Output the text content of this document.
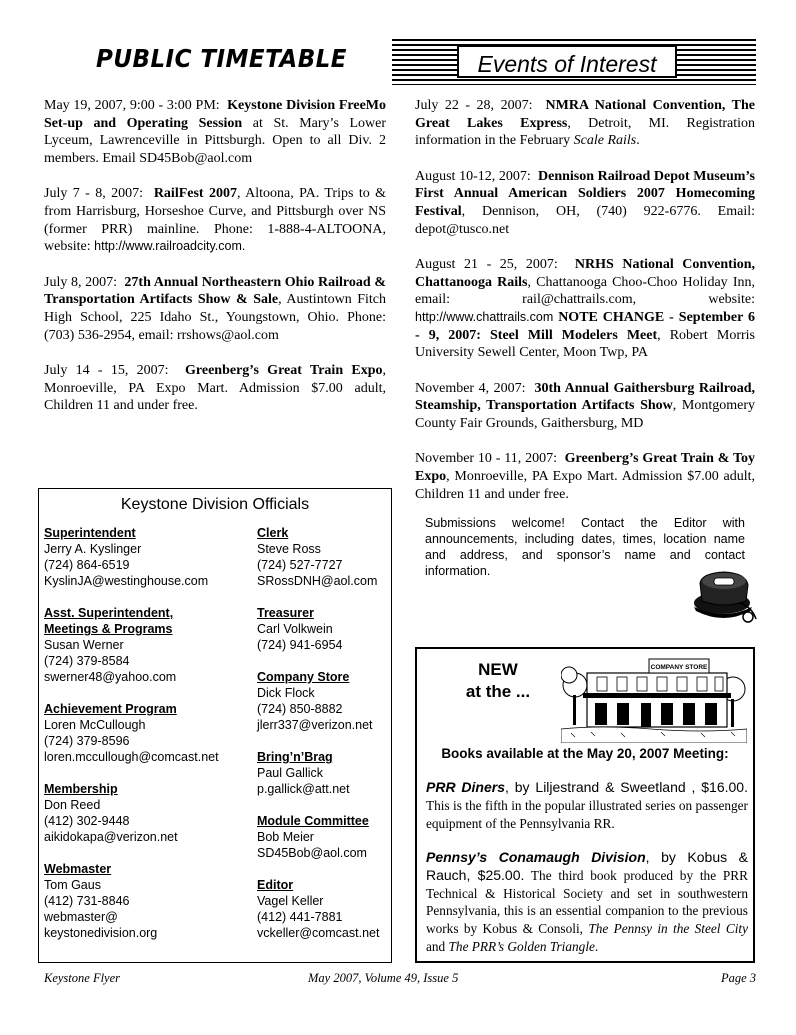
PUBLIC TIMETABLE	Events of Interest

May 19, 2007, 9:00 - 3:00 PM: Keystone Division FreeMo Set-up and Operating Session at St. Mary’s Lower Lyceum, Lawrenceville in Pittsburgh. Open to all Div. 2 members. Email SD45Bob@aol.com

July 7 - 8, 2007: RailFest 2007, Altoona, PA. Trips to & from Harrisburg, Horseshoe Curve, and Pittsburgh over NS (former PRR) mainline. Phone: 1-888-4-ALTOONA, website: http://www.railroadcity.com.

July 8, 2007: 27th Annual Northeastern Ohio Railroad & Transportation Artifacts Show & Sale, Austintown Fitch High School, 225 Idaho St., Youngstown, Ohio. Phone: (703) 536-2954, email: rrshows@aol.com

July 14 - 15, 2007: Greenberg’s Great Train Expo, Monroeville, PA Expo Mart. Admission $7.00 adult, Children 11 and under free.

July 22 - 28, 2007: NMRA National Convention, The Great Lakes Express, Detroit, MI. Registration information in the February Scale Rails.

August 10-12, 2007: Dennison Railroad Depot Museum’s First Annual American Soldiers 2007 Homecoming Festival, Dennison, OH, (740) 922-6776. Email: depot@tusco.net

August 21 - 25, 2007: NRHS National Convention, Chattanooga Rails, Chattanooga Choo-Choo Holiday Inn, email: rail@chattrails.com, website: http://www.chattrails.com NOTE CHANGE - September 6 - 9, 2007: Steel Mill Modelers Meet, Robert Morris University Sewell Center, Moon Twp, PA

November 4, 2007: 30th Annual Gaithersburg Railroad, Steamship, Transportation Artifacts Show, Montgomery County Fair Grounds, Gaithersburg, MD

November 10 - 11, 2007: Greenberg’s Great Train & Toy Expo, Monroeville, PA Expo Mart. Admission $7.00 adult, Children 11 and under free.

Keystone Division Officials
Superintendent
Jerry A. Kyslinger
(724) 864-6519
KyslinJA@westinghouse.com
Asst. Superintendent,
Meetings & Programs
Susan Werner
(724) 379-8584
swerner48@yahoo.com
Achievement Program
Loren McCullough
(724) 379-8596
loren.mccullough@comcast.net
Membership
Don Reed
(412) 302-9448
aikidokapa@verizon.net
Webmaster
Tom Gaus
(412) 731-8846
webmaster@
keystonedivision.org
Clerk
Steve Ross
(724) 527-7727
SRossDNH@aol.com
Treasurer
Carl Volkwein
(724) 941-6954
Company Store
Dick Flock
(724) 850-8882
jlerr337@verizon.net
Bring’n’Brag
Paul Gallick
p.gallick@att.net
Module Committee
Bob Meier
SD45Bob@aol.com
Editor
Vagel Keller
(412) 441-7881
vckeller@comcast.net
Submissions welcome! Contact the Editor with announcements, including dates, times, location name and address, and sponsor’s name and contact information.
NEW
at the ...
COMPANY STORE
Books available at the May 20, 2007 Meeting:
PRR Diners, by Liljestrand & Sweetland , $16.00. This is the fifth in the popular illustrated series on passenger equipment of the Pennsylvania RR.
Pennsy’s Conamaugh Division, by Kobus & Rauch, $25.00. The third book produced by the PRR Technical & Historical Society and set in southwestern Pennsylvania, this is an essential companion to the previous works by Kobus & Consoli, The Pennsy in the Steel City and The PRR’s Golden Triangle.
Keystone Flyer	May 2007, Volume 49, Issue 5	Page 3
